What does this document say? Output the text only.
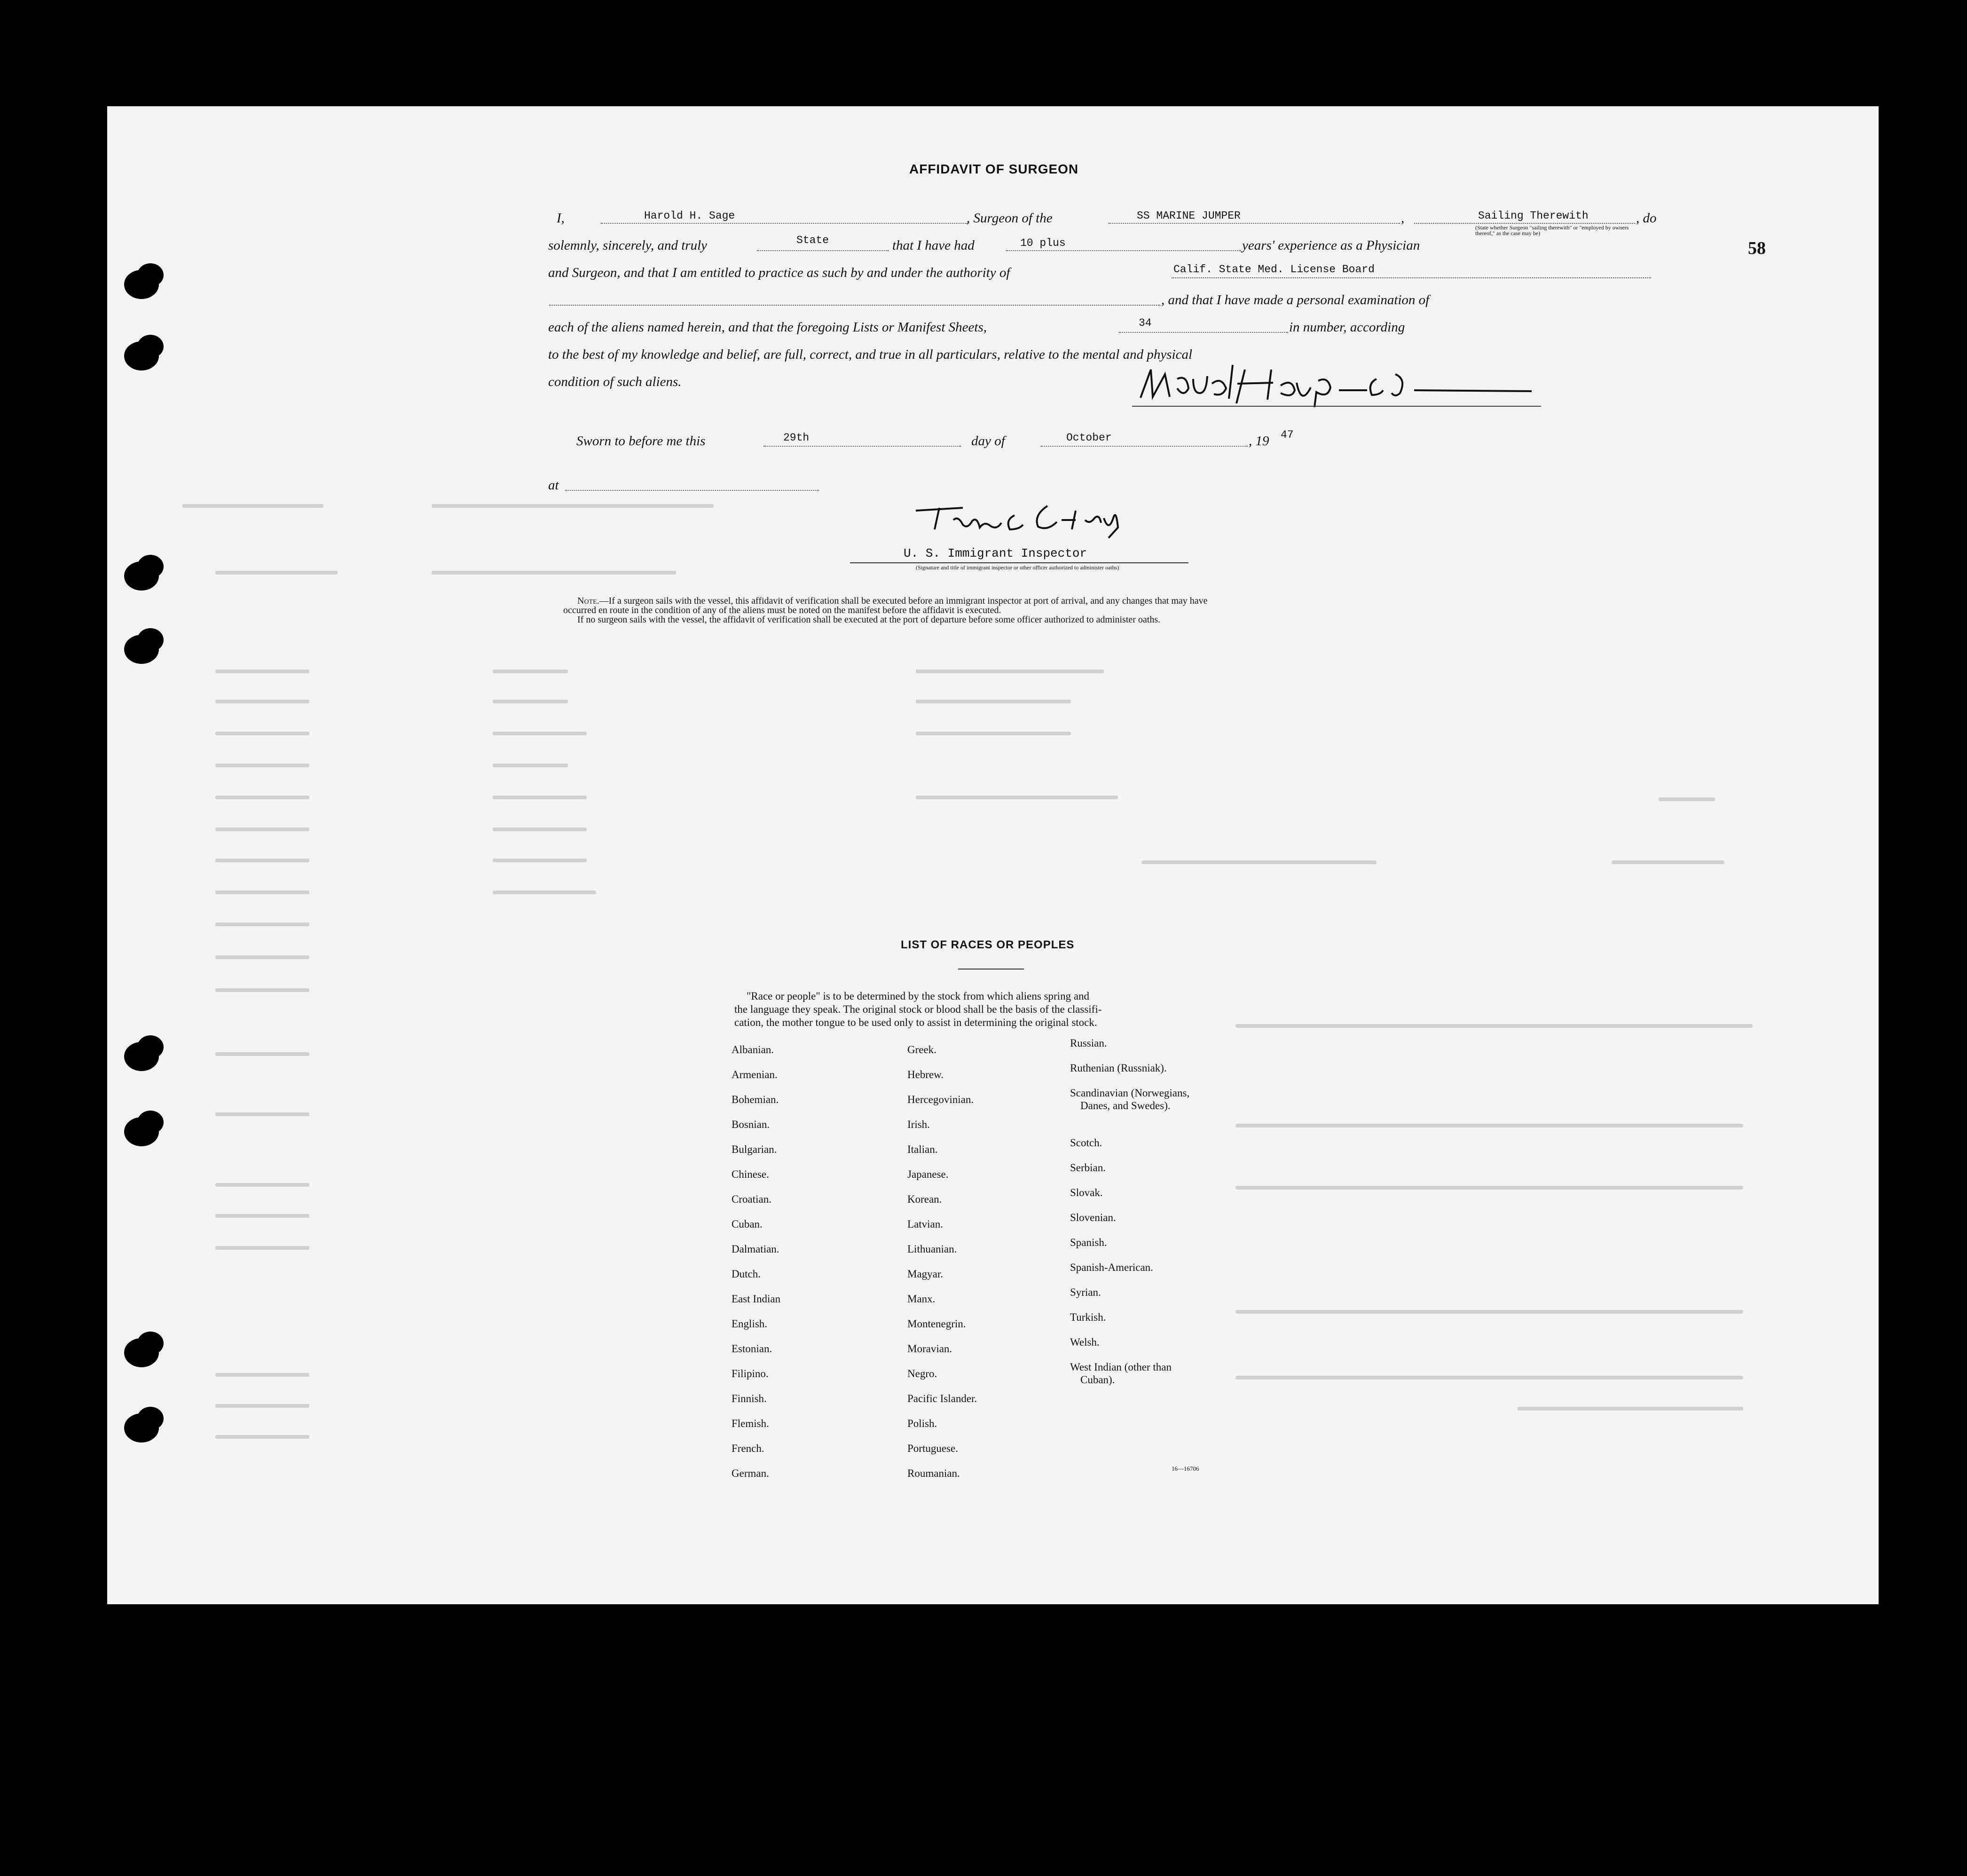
58
AFFIDAVIT OF SURGEON
I,	Harold H. Sage	, Surgeon of the	SS MARINE JUMPER	,	Sailing Therewith	, do
(State whether Surgeon "sailing therewith" or "employed by owners thereof," as the case may be)
solemnly, sincerely, and truly	State	that I have had	10 plus	years' experience as a Physician
and Surgeon, and that I am entitled to practice as such by and under the authority of	Calif. State Med. License Board
, and that I have made a personal examination of
each of the aliens named herein, and that the foregoing Lists or Manifest Sheets,	34	in number, according
to the best of my knowledge and belief, are full, correct, and true in all particulars, relative to the mental and physical
condition of such aliens.
Sworn to before me this	29th	day of	October	, 19 47
at
U. S. Immigrant Inspector
(Signature and title of immigrant inspector or other officer authorized to administer oaths)
Note.—If a surgeon sails with the vessel, this affidavit of verification shall be executed before an immigrant inspector at port of arrival, and any changes that may have
occurred en route in the condition of any of the aliens must be noted on the manifest before the affidavit is executed.
If no surgeon sails with the vessel, the affidavit of verification shall be executed at the port of departure before some officer authorized to administer oaths.
LIST OF RACES OR PEOPLES
"Race or people" is to be determined by the stock from which aliens spring and
the language they speak. The original stock or blood shall be the basis of the classifi-
cation, the mother tongue to be used only to assist in determining the original stock.
Albanian.
Armenian.
Bohemian.
Bosnian.
Bulgarian.
Chinese.
Croatian.
Cuban.
Dalmatian.
Dutch.
East Indian
English.
Estonian.
Filipino.
Finnish.
Flemish.
French.
German.
Greek.
Hebrew.
Hercegovinian.
Irish.
Italian.
Japanese.
Korean.
Latvian.
Lithuanian.
Magyar.
Manx.
Montenegrin.
Moravian.
Negro.
Pacific Islander.
Polish.
Portuguese.
Roumanian.
Russian.
Ruthenian (Russniak).
Scandinavian (Norwegians,
Danes, and Swedes).
Scotch.
Serbian.
Slovak.
Slovenian.
Spanish.
Spanish-American.
Syrian.
Turkish.
Welsh.
West Indian (other than
Cuban).
16—16706
